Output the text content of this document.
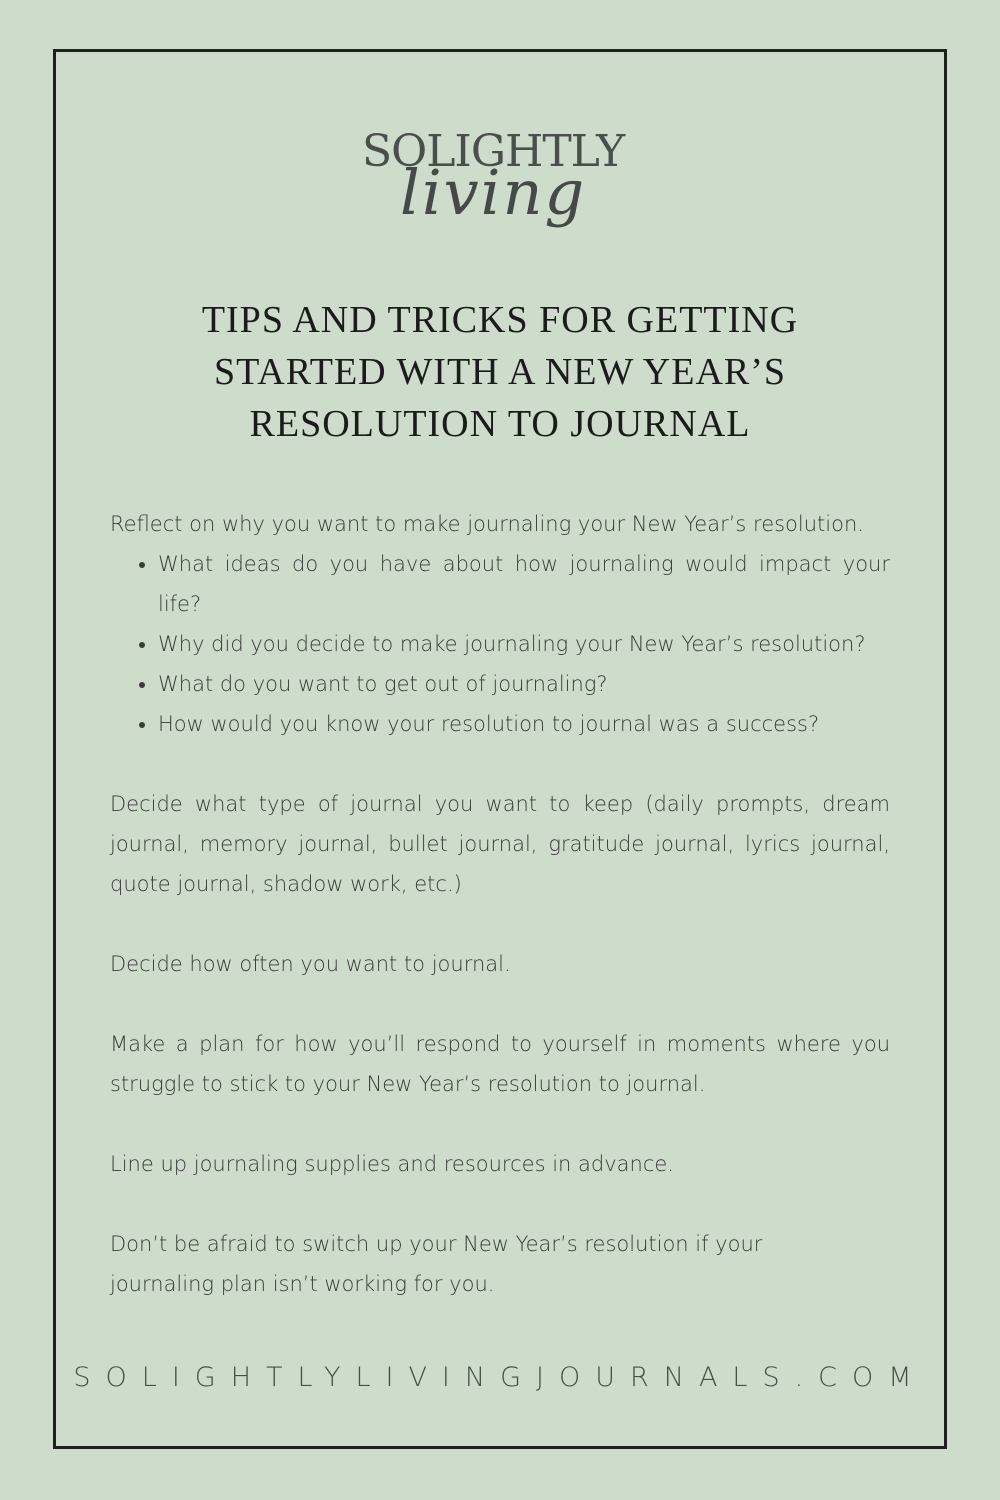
SOLIGHTLY
living
TIPS AND TRICKS FOR GETTING
STARTED WITH A NEW YEAR’S
RESOLUTION TO JOURNAL

Reflect on why you want to make journaling your New Year’s resolution.

• What ideas do you have about how journaling would impact your life?
• Why did you decide to make journaling your New Year’s resolution?
• What do you want to get out of journaling?
• How would you know your resolution to journal was a success?

Decide what type of journal you want to keep (daily prompts, dream journal, memory journal, bullet journal, gratitude journal, lyrics journal, quote journal, shadow work, etc.)

Decide how often you want to journal.

Make a plan for how you’ll respond to yourself in moments where you struggle to stick to your New Year’s resolution to journal.

Line up journaling supplies and resources in advance.

Don’t be afraid to switch up your New Year’s resolution if your journaling plan isn’t working for you.

SOLIGHTLYLIVINGJOURNALS.COM
